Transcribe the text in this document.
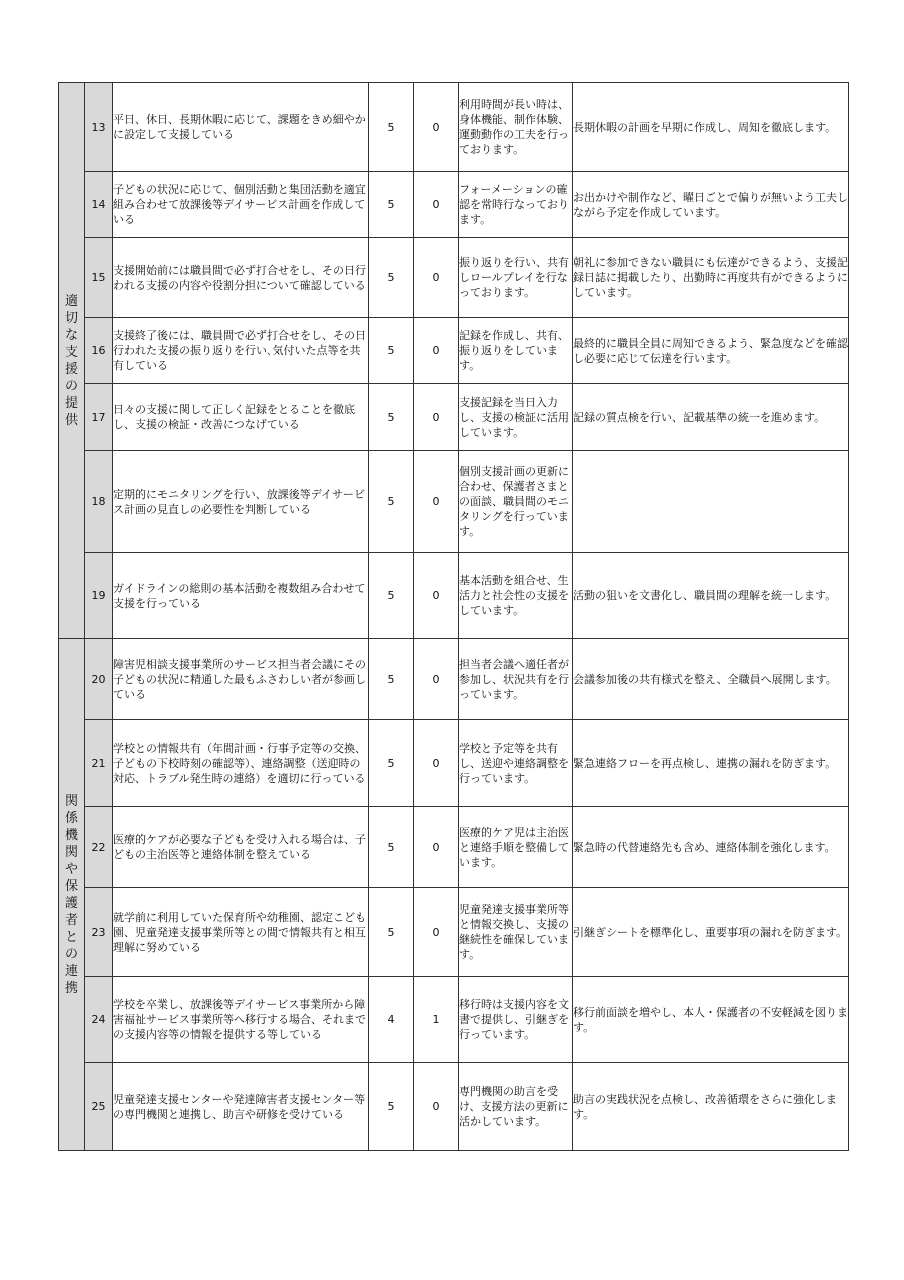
適切な支援の提供	13	平日、休日、長期休暇に応じて、課題をきめ細やかに設定して支援している	5	0	利用時間が長い時は、身体機能、制作体験、運動動作の工夫を行っております。	長期休暇の計画を早期に作成し、周知を徹底します。
	14	子どもの状況に応じて、個別活動と集団活動を適宜組み合わせて放課後等デイサービス計画を作成している	5	0	フォーメーションの確認を常時行なっております。	お出かけや制作など、曜日ごとで偏りが無いよう工夫しながら予定を作成しています。
	15	支援開始前には職員間で必ず打合せをし、その日行われる支援の内容や役割分担について確認している	5	0	振り返りを行い、共有しロールプレイを行なっております。	朝礼に参加できない職員にも伝達ができるよう、支援記録日誌に掲載したり、出勤時に再度共有ができるようにしています。
	16	支援終了後には、職員間で必ず打合せをし、その日行われた支援の振り返りを行い､気付いた点等を共有している	5	0	記録を作成し、共有、振り返りをしています。	最終的に職員全員に周知できるよう、緊急度などを確認し必要に応じて伝達を行います。
	17	日々の支援に関して正しく記録をとることを徹底し、支援の検証・改善につなげている	5	0	支援記録を当日入力し、支援の検証に活用しています。	記録の質点検を行い、記載基準の統一を進めます。
	18	定期的にモニタリングを行い、放課後等デイサービス計画の見直しの必要性を判断している	5	0	個別支援計画の更新に合わせ、保護者さまとの面談、職員間のモニタリングを行っています。	
	19	ガイドラインの総則の基本活動を複数組み合わせて支援を行っている	5	0	基本活動を組合せ、生活力と社会性の支援をしています。	活動の狙いを文書化し、職員間の理解を統一します。
関係機関や保護者との連携	20	障害児相談支援事業所のサービス担当者会議にその子どもの状況に精通した最もふさわしい者が参画している	5	0	担当者会議へ適任者が参加し、状況共有を行っています。	会議参加後の共有様式を整え、全職員へ展開します。
	21	学校との情報共有（年間計画・行事予定等の交換、子どもの下校時刻の確認等）、連絡調整（送迎時の対応、トラブル発生時の連絡）を適切に行っている	5	0	学校と予定等を共有し、送迎や連絡調整を行っています。	緊急連絡フローを再点検し、連携の漏れを防ぎます。
	22	医療的ケアが必要な子どもを受け入れる場合は、子どもの主治医等と連絡体制を整えている	5	0	医療的ケア児は主治医と連絡手順を整備しています。	緊急時の代替連絡先も含め、連絡体制を強化します。
	23	就学前に利用していた保育所や幼稚園、認定こども園、児童発達支援事業所等との間で情報共有と相互理解に努めている	5	0	児童発達支援事業所等と情報交換し、支援の継続性を確保しています。	引継ぎシートを標準化し、重要事項の漏れを防ぎます。
	24	学校を卒業し、放課後等デイサービス事業所から障害福祉サービス事業所等へ移行する場合、それまでの支援内容等の情報を提供する等している	4	1	移行時は支援内容を文書で提供し、引継ぎを行っています。	移行前面談を増やし、本人・保護者の不安軽減を図ります。
	25	児童発達支援センターや発達障害者支援センター等の専門機関と連携し、助言や研修を受けている	5	0	専門機関の助言を受け、支援方法の更新に活かしています。	助言の実践状況を点検し、改善循環をさらに強化します。
